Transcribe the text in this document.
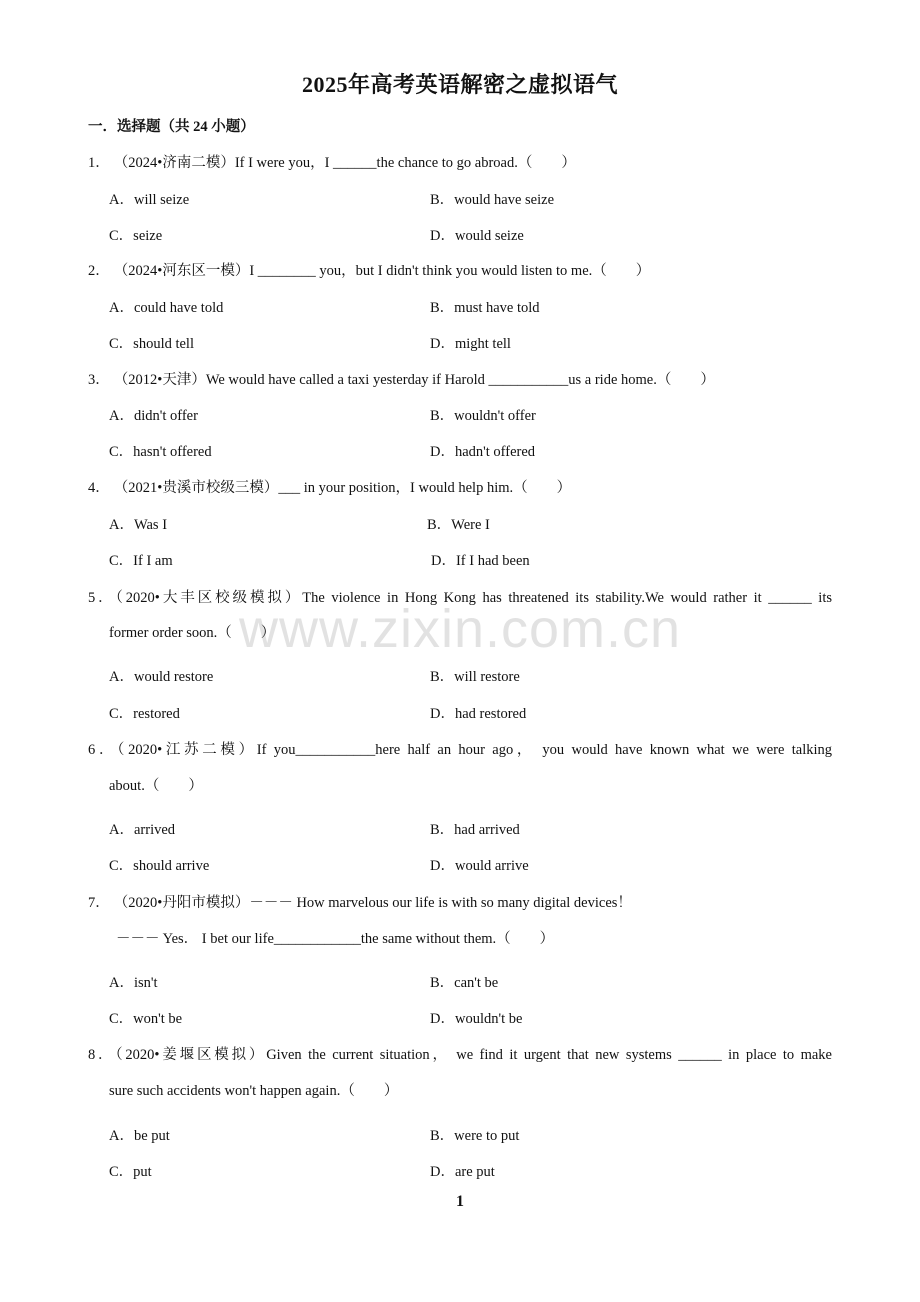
2025年高考英语解密之虚拟语气
一．选择题（共 24 小题）
1． （2024•济南二模）If I were you，I ______the chance to go abroad.（　　）
A．will seize	B．would have seize
C．seize	D．would seize
2． （2024•河东区一模）I ________ you，but I didn't think you would listen to me.（　　）
A．could have told	B．must have told
C．should tell	D．might tell
3． （2012•天津）We would have called a taxi yesterday if Harold ___________us a ride home.（　　）
A．didn't offer	B．wouldn't offer
C．hasn't offered	D．hadn't offered
4． （2021•贵溪市校级三模）___ in your position，I would help him.（　　）
A．Was I	B．Were I
C．If I am	D．If I had been
5．（2020•大丰区校级模拟）The violence in Hong Kong has threatened its stability.We would rather it ______ its
former order soon.（　　）
A．would restore	B．will restore
C．restored	D．had restored
6．（2020•江苏二模）If you___________here half an hour ago， you would have known what we were talking
about.（　　）
A．arrived	B．had arrived
C．should arrive	D．would arrive
7． （2020•丹阳市模拟）－－－ How marvelous our life is with so many digital devices！
－－－ Yes． I bet our life____________the same without them.（　　）
A．isn't	B．can't be
C．won't be	D．wouldn't be
8．（2020•姜堰区模拟）Given the current situation， we find it urgent that new systems ______ in place to make
sure such accidents won't happen again.（　　）
A．be put	B．were to put
C．put	D．are put
www.zixin.com.cn
1
